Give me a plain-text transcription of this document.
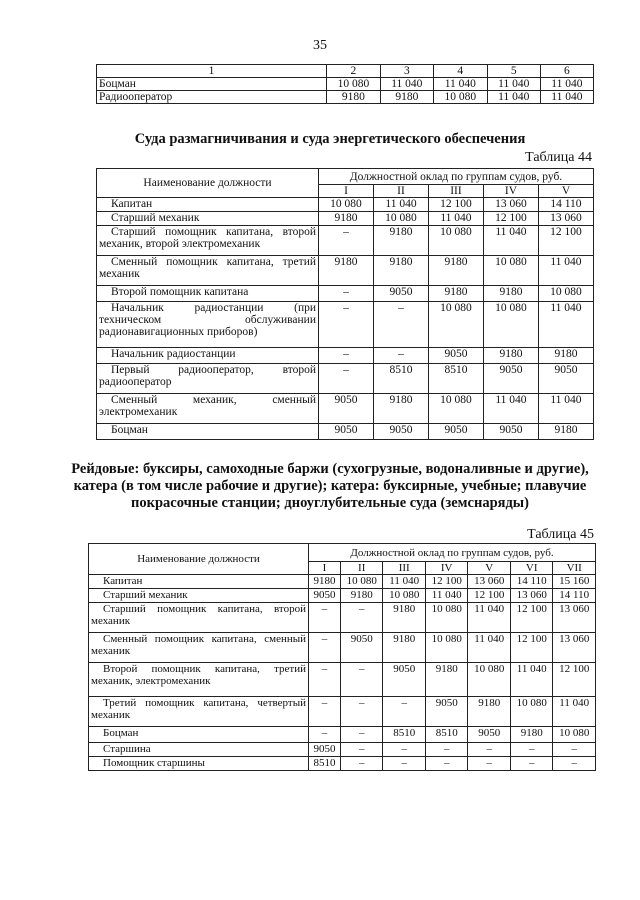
35
1	2	3	4	5	6
Боцман	10 080	11 040	11 040	11 040	11 040
Радиооператор	9180	9180	10 080	11 040	11 040
Суда размагничивания и суда энергетического обеспечения
Таблица 44
Наименование должности	Должностной оклад по группам судов, руб.				
	I	II	III	IV	V
Капитан	10 080	11 040	12 100	13 060	14 110
Старший механик	9180	10 080	11 040	12 100	13 060
Старший помощник капитана, второй механик, второй электромеханик	–	9180	10 080	11 040	12 100
Сменный помощник капитана, третий механик	9180	9180	9180	10 080	11 040
Второй помощник капитана	–	9050	9180	9180	10 080
Начальник радиостанции (при техническом обслуживании радионавигационных приборов)	–	–	10 080	10 080	11 040
Начальник радиостанции	–	–	9050	9180	9180
Первый радиооператор, второй радиооператор	–	8510	8510	9050	9050
Сменный механик, сменный электромеханик	9050	9180	10 080	11 040	11 040
Боцман	9050	9050	9050	9050	9180
Рейдовые: буксиры, самоходные баржи (сухогрузные, водоналивные и другие), катера (в том числе рабочие и другие); катера: буксирные, учебные; плавучие покрасочные станции; дноуглубительные суда (земснаряды)
Таблица 45
Наименование должности	Должностной оклад по группам судов, руб.						
	I	II	III	IV	V	VI	VII
Капитан	9180	10 080	11 040	12 100	13 060	14 110	15 160
Старший механик	9050	9180	10 080	11 040	12 100	13 060	14 110
Старший помощник капитана, второй механик	–	–	9180	10 080	11 040	12 100	13 060
Сменный помощник капитана, сменный механик	–	9050	9180	10 080	11 040	12 100	13 060
Второй помощник капитана, третий механик, электромеханик	–	–	9050	9180	10 080	11 040	12 100
Третий помощник капитана, четвертый механик	–	–	–	9050	9180	10 080	11 040
Боцман	–	–	8510	8510	9050	9180	10 080
Старшина	9050	–	–	–	–	–	–
Помощник старшины	8510	–	–	–	–	–	–
